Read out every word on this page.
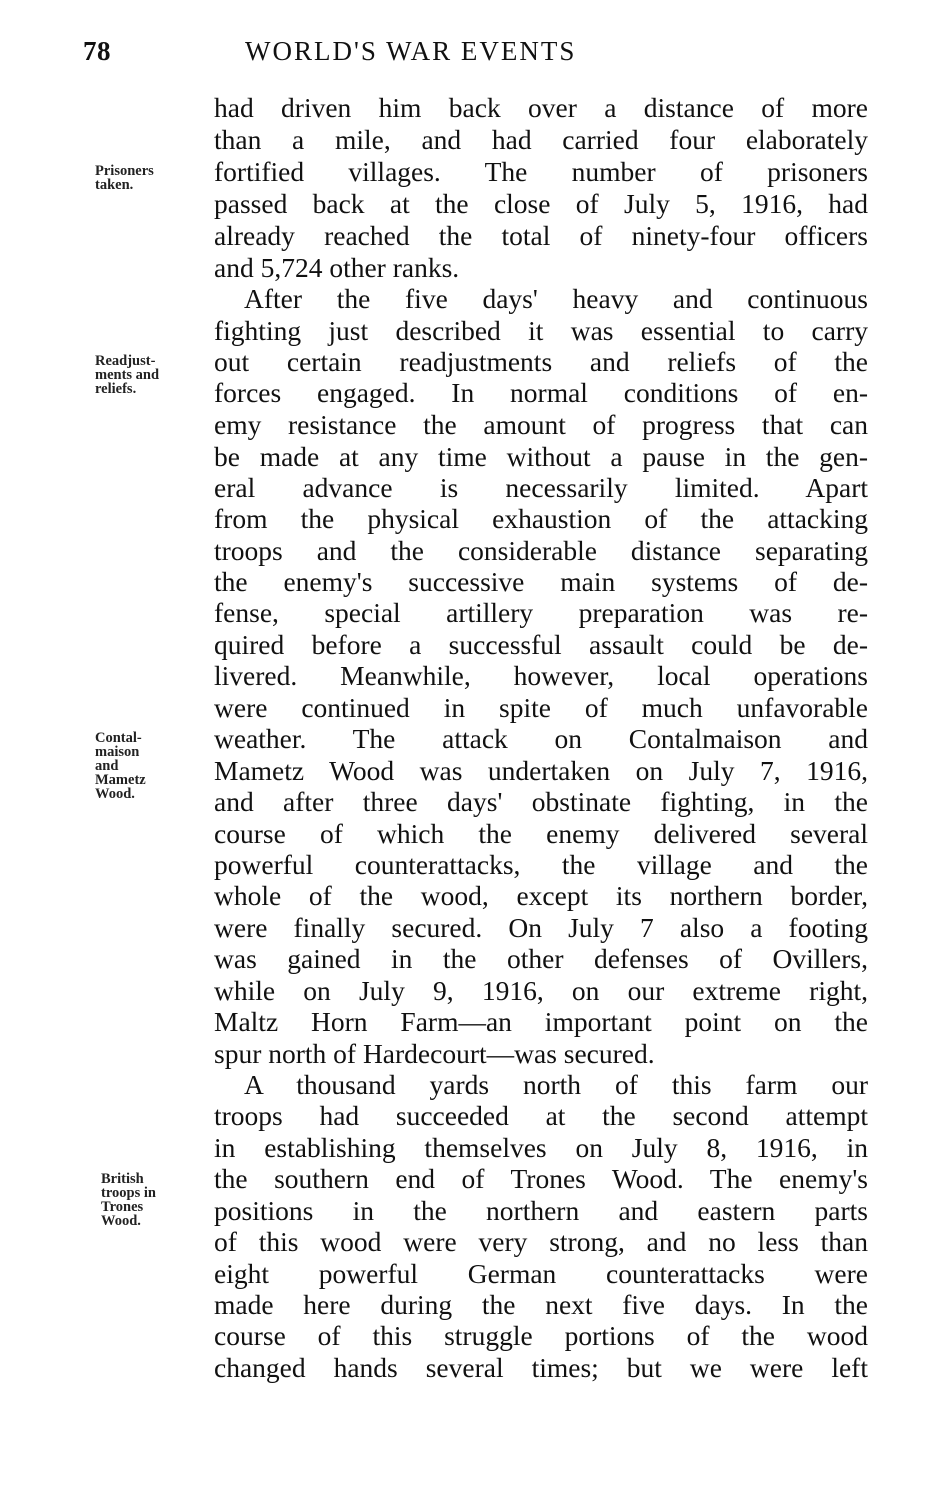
78	WORLD'S WAR EVENTS
had driven him back over a distance of more
than a mile, and had carried four elaborately
fortified villages. The number of prisoners
passed back at the close of July 5, 1916, had
already reached the total of ninety-four officers
and 5,724 other ranks.
After the five days' heavy and continuous
fighting just described it was essential to carry
out certain readjustments and reliefs of the
forces engaged. In normal conditions of en-
emy resistance the amount of progress that can
be made at any time without a pause in the gen-
eral advance is necessarily limited. Apart
from the physical exhaustion of the attacking
troops and the considerable distance separating
the enemy's successive main systems of de-
fense, special artillery preparation was re-
quired before a successful assault could be de-
livered. Meanwhile, however, local operations
were continued in spite of much unfavorable
weather. The attack on Contalmaison and
Mametz Wood was undertaken on July 7, 1916,
and after three days' obstinate fighting, in the
course of which the enemy delivered several
powerful counterattacks, the village and the
whole of the wood, except its northern border,
were finally secured. On July 7 also a footing
was gained in the other defenses of Ovillers,
while on July 9, 1916, on our extreme right,
Maltz Horn Farm—an important point on the
spur north of Hardecourt—was secured.
A thousand yards north of this farm our
troops had succeeded at the second attempt
in establishing themselves on July 8, 1916, in
the southern end of Trones Wood. The enemy's
positions in the northern and eastern parts
of this wood were very strong, and no less than
eight powerful German counterattacks were
made here during the next five days. In the
course of this struggle portions of the wood
changed hands several times; but we were left
Prisoners
taken.
Readjust-
ments and
reliefs.
Contal-
maison
and
Mametz
Wood.
British
troops in
Trones
Wood.
